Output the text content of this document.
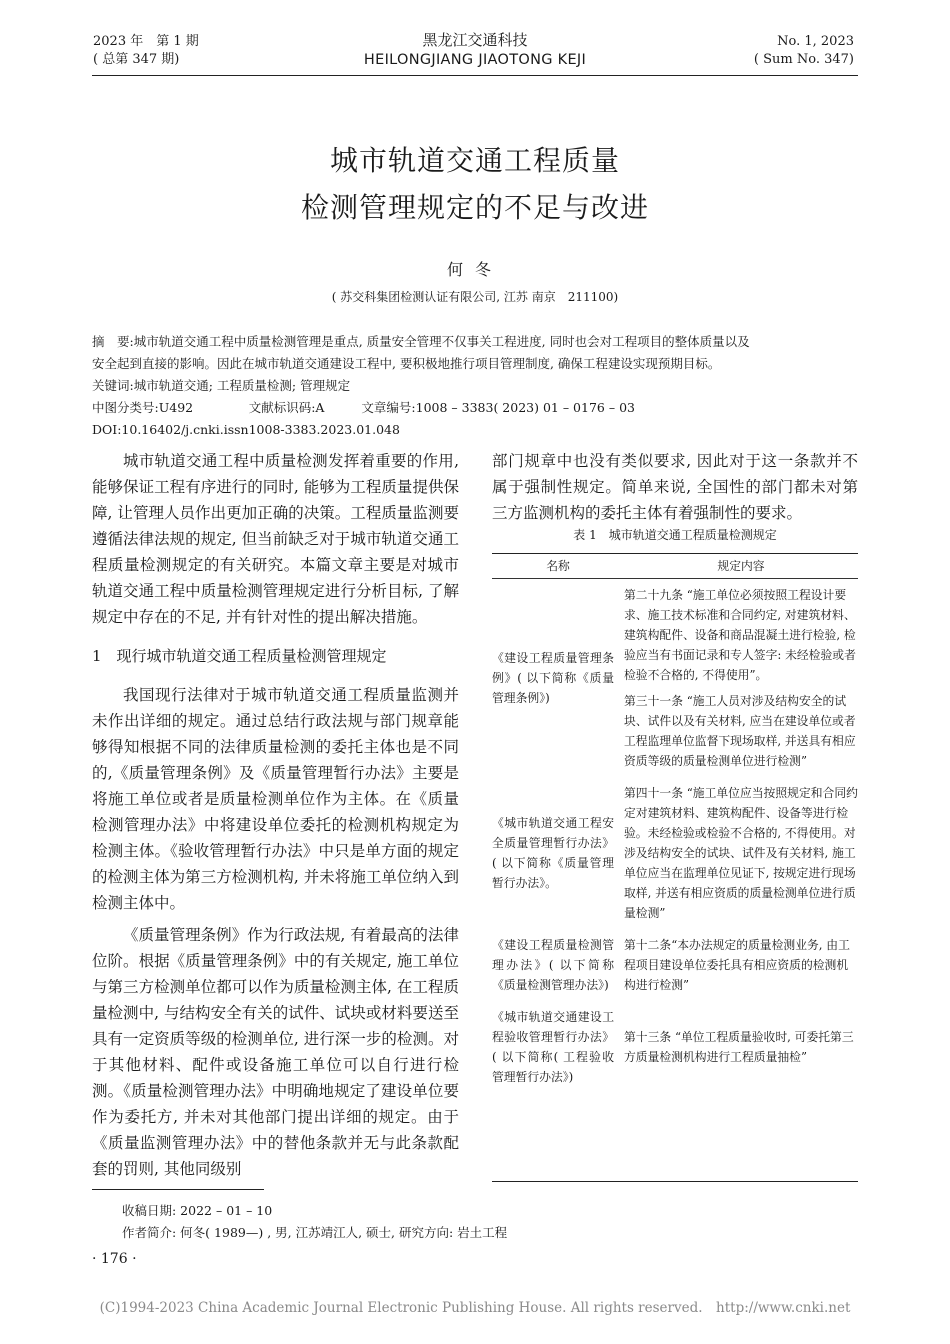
2023 年　第 1 期
( 总第 347 期)
黑龙江交通科技
HEILONGJIANG JIAOTONG KEJI
No. 1, 2023
( Sum No. 347)
城市轨道交通工程质量
检测管理规定的不足与改进
何冬
( 苏交科集团检测认证有限公司, 江苏 南京　211100)
摘　要:城市轨道交通工程中质量检测管理是重点, 质量安全管理不仅事关工程进度, 同时也会对工程项目的整体质量以及
安全起到直接的影响。因此在城市轨道交通建设工程中, 要积极地推行项目管理制度, 确保工程建设实现预期目标。
关键词:城市轨道交通; 工程质量检测; 管理规定
中图分类号:U492	文献标识码:A	文章编号:1008 – 3383( 2023) 01 – 0176 – 03
DOI:10.16402/j.cnki.issn1008-3383.2023.01.048

城市轨道交通工程中质量检测发挥着重要的作用, 能够保证工程有序进行的同时, 能够为工程质量提供保障, 让管理人员作出更加正确的决策。工程质量监测要遵循法律法规的规定, 但当前缺乏对于城市轨道交通工程质量检测规定的有关研究。本篇文章主要是对城市轨道交通工程中质量检测管理规定进行分析目标, 了解规定中存在的不足, 并有针对性的提出解决措施。

1　现行城市轨道交通工程质量检测管理规定

我国现行法律对于城市轨道交通工程质量监测并未作出详细的规定。通过总结行政法规与部门规章能够得知根据不同的法律质量检测的委托主体也是不同的,《质量管理条例》及《质量管理暂行办法》主要是将施工单位或者是质量检测单位作为主体。在《质量检测管理办法》中将建设单位委托的检测机构规定为检测主体。《验收管理暂行办法》中只是单方面的规定的检测主体为第三方检测机构, 并未将施工单位纳入到检测主体中。

《质量管理条例》作为行政法规, 有着最高的法律位阶。根据《质量管理条例》中的有关规定, 施工单位与第三方检测单位都可以作为质量检测主体, 在工程质量检测中, 与结构安全有关的试件、试块或材料要送至具有一定资质等级的检测单位, 进行深一步的检测。对于其他材料、配件或设备施工单位可以自行进行检测。《质量检测管理办法》中明确地规定了建设单位要作为委托方, 并未对其他部门提出详细的规定。由于《质量监测管理办法》中的替他条款并无与此条款配套的罚则, 其他同级别

部门规章中也没有类似要求, 因此对于这一条款并不属于强制性规定。简单来说, 全国性的部门都未对第三方监测机构的委托主体有着强制性的要求。

表 1　城市轨道交通工程质量检测规定
名称	规定内容
《建设工程质量管理条例》( 以下简称《质量管理条例》)	第二十九条 “施工单位必须按照工程设计要求、施工技术标准和合同约定, 对建筑材料、建筑构配件、设备和商品混凝土进行检验, 检验应当有书面记录和专人签字: 未经检验或者检验不合格的, 不得使用”。
第三十一条 “施工人员对涉及结构安全的试块、试件以及有关材料, 应当在建设单位或者工程监理单位监督下现场取样, 并送具有相应资质等级的质量检测单位进行检测”

《城市轨道交通工程安全质量管理暂行办法》( 以下简称《质量管理暂行办法》。	第四十一条 “施工单位应当按照规定和合同约定对建筑材料、建筑构配件、设备等进行检验。未经检验或检验不合格的, 不得使用。对涉及结构安全的试块、试件及有关材料, 施工单位应当在监理单位见证下, 按规定进行现场取样, 并送有相应资质的质量检测单位进行质量检测”
《建设工程质量检测管理办法》( 以下简称《质量检测管理办法》)	第十二条“本办法规定的质量检测业务, 由工程项目建设单位委托具有相应资质的检测机构进行检测”
《城市轨道交通建设工程验收管理暂行办法》( 以下简称( 工程验收管理暂行办法》)	第十三条 “单位工程质量验收时, 可委托第三方质量检测机构进行工程质量抽检”
收稿日期: 2022 – 01 – 10
作者简介: 何冬( 1989—) , 男, 江苏靖江人, 硕士, 研究方向: 岩土工程
· 176 ·
(C)1994-2023 China Academic Journal Electronic Publishing House. All rights reserved.　http://www.cnki.net
